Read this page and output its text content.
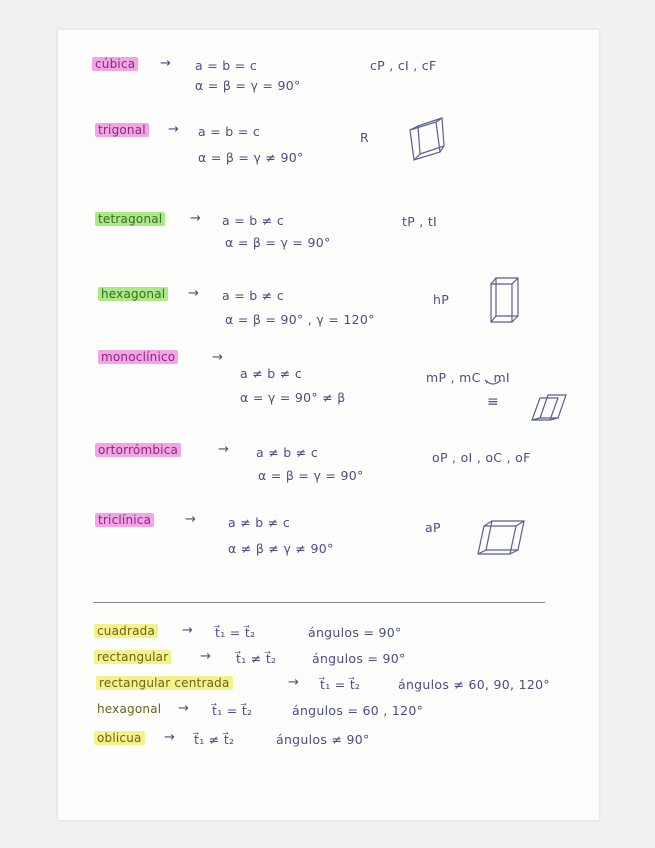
cúbica → a = b = c
α = β = γ = 90°
cP , cI , cF
trigonal → a = b = c
α = β = γ ≠ 90°
R
tetragonal → a = b ≠ c
α = β = γ = 90°
tP , tI
hexagonal → a = b ≠ c
α = β = 90° , γ = 120°
hP
monoclínico	→
a ≠ b ≠ c
α = γ = 90° ≠ β
mP , mC , mI
≡
ortorrómbica	→ a ≠ b ≠ c
α = β = γ = 90°
oP , oI , oC , oF
triclínica	→	a ≠ b ≠ c
α ≠ β ≠ γ ≠ 90°
aP
cuadrada → t⃗₁ = t⃗₂	ángulos = 90°
rectangular → t⃗₁ ≠ t⃗₂	ángulos = 90°
rectangular centrada	→ t⃗₁ = t⃗₂	ángulos ≠ 60, 90, 120°
hexagonal → t⃗₁ = t⃗₂	ángulos = 60 , 120°
oblicua → t⃗₁ ≠ t⃗₂	ángulos ≠ 90°
